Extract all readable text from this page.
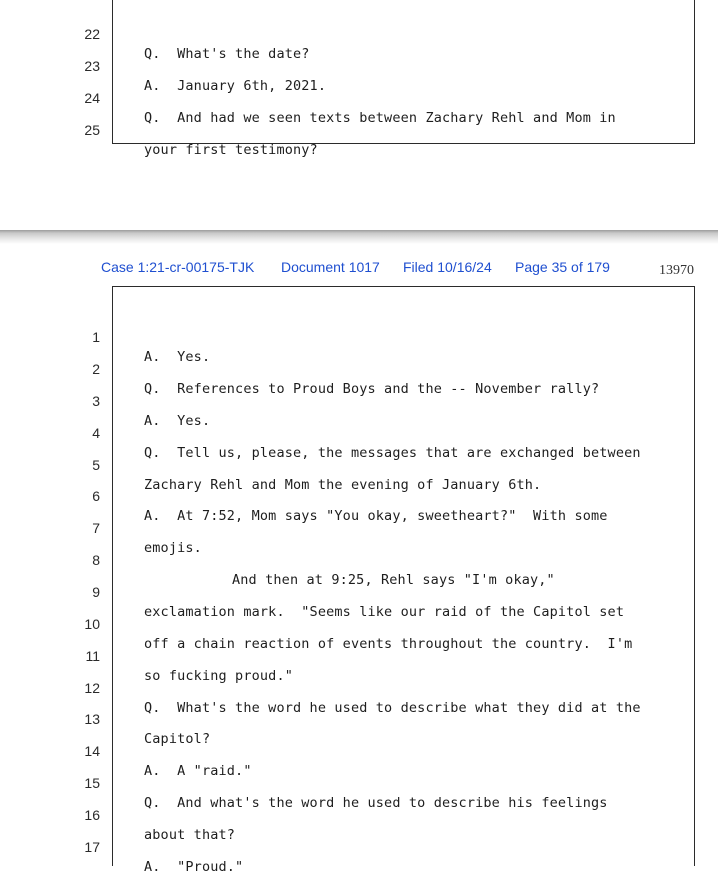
22

Q.  What's the date?

23

A.  January 6th, 2021.

24

Q.  And had we seen texts between Zachary Rehl and Mom in

25

your first testimony?

Case 1:21-cr-00175-TJK Document 1017 Filed 10/16/24 Page 35 of 179	13970

1

A.  Yes.

2

Q.  References to Proud Boys and the -- November rally?

3

A.  Yes.

4

Q.  Tell us, please, the messages that are exchanged between

5

Zachary Rehl and Mom the evening of January 6th.

6

A.  At 7:52, Mom says "You okay, sweetheart?"  With some

7

emojis.

8

And then at 9:25, Rehl says "I'm okay,"

9

exclamation mark.  "Seems like our raid of the Capitol set

10

off a chain reaction of events throughout the country.  I'm

11

so fucking proud."

12

Q.  What's the word he used to describe what they did at the

13

Capitol?

14

A.  A "raid."

15

Q.  And what's the word he used to describe his feelings

16

about that?

17

A.  "Proud."
